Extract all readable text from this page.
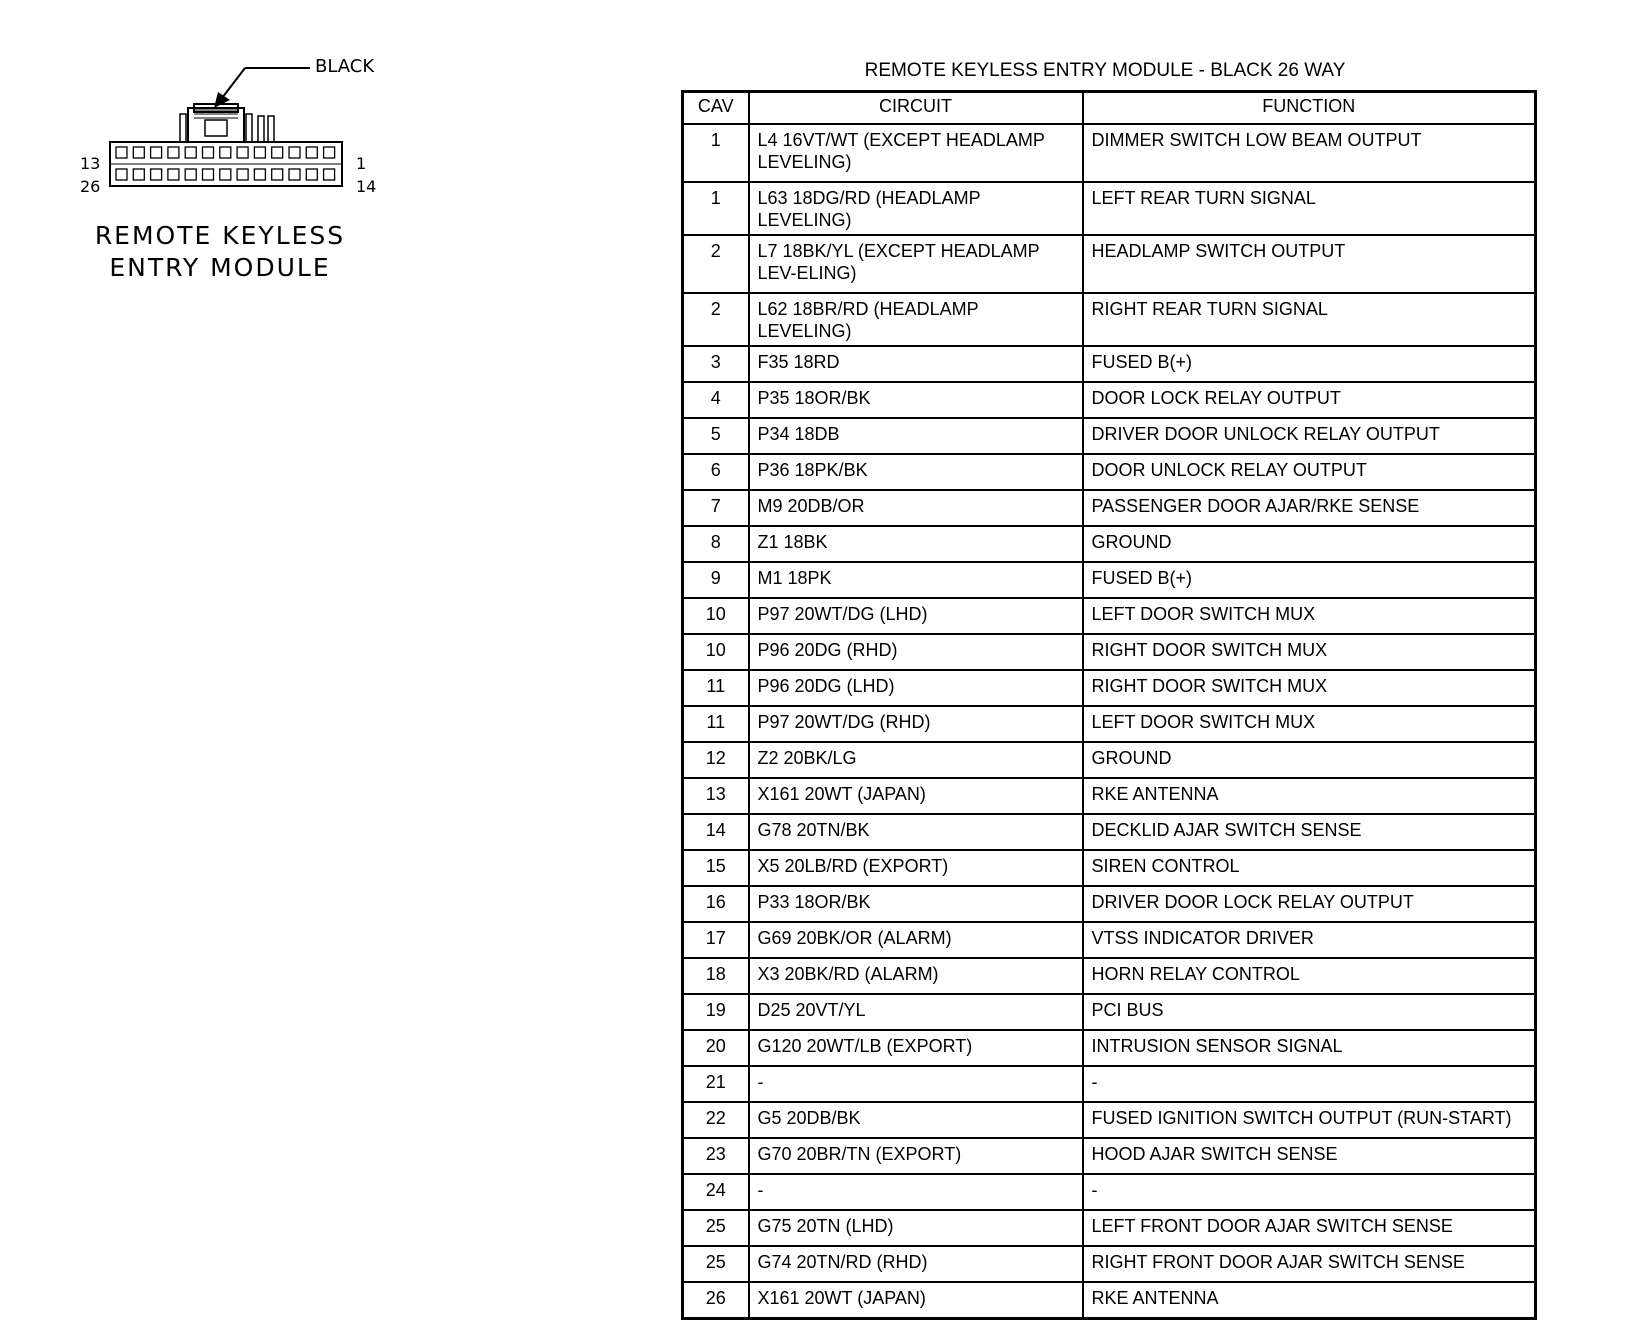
BLACK
13
26
1
14
REMOTE KEYLESS
ENTRY MODULE
REMOTE KEYLESS ENTRY MODULE - BLACK 26 WAY
CAV	CIRCUIT	FUNCTION
1	L4 16VT/WT (EXCEPT HEADLAMP LEVELING)	DIMMER SWITCH LOW BEAM OUTPUT
1	L63 18DG/RD (HEADLAMP LEVELING)	LEFT REAR TURN SIGNAL
2	L7 18BK/YL (EXCEPT HEADLAMP LEV-ELING)	HEADLAMP SWITCH OUTPUT
2	L62 18BR/RD (HEADLAMP LEVELING)	RIGHT REAR TURN SIGNAL
3	F35 18RD	FUSED B(+)
4	P35 18OR/BK	DOOR LOCK RELAY OUTPUT
5	P34 18DB	DRIVER DOOR UNLOCK RELAY OUTPUT
6	P36 18PK/BK	DOOR UNLOCK RELAY OUTPUT
7	M9 20DB/OR	PASSENGER DOOR AJAR/RKE SENSE
8	Z1 18BK	GROUND
9	M1 18PK	FUSED B(+)
10	P97 20WT/DG (LHD)	LEFT DOOR SWITCH MUX
10	P96 20DG (RHD)	RIGHT DOOR SWITCH MUX
11	P96 20DG (LHD)	RIGHT DOOR SWITCH MUX
11	P97 20WT/DG (RHD)	LEFT DOOR SWITCH MUX
12	Z2 20BK/LG	GROUND
13	X161 20WT (JAPAN)	RKE ANTENNA
14	G78 20TN/BK	DECKLID AJAR SWITCH SENSE
15	X5 20LB/RD (EXPORT)	SIREN CONTROL
16	P33 18OR/BK	DRIVER DOOR LOCK RELAY OUTPUT
17	G69 20BK/OR (ALARM)	VTSS INDICATOR DRIVER
18	X3 20BK/RD (ALARM)	HORN RELAY CONTROL
19	D25 20VT/YL	PCI BUS
20	G120 20WT/LB (EXPORT)	INTRUSION SENSOR SIGNAL
21	-	-
22	G5 20DB/BK	FUSED IGNITION SWITCH OUTPUT (RUN-START)
23	G70 20BR/TN (EXPORT)	HOOD AJAR SWITCH SENSE
24	-	-
25	G75 20TN (LHD)	LEFT FRONT DOOR AJAR SWITCH SENSE
25	G74 20TN/RD (RHD)	RIGHT FRONT DOOR AJAR SWITCH SENSE
26	X161 20WT (JAPAN)	RKE ANTENNA
